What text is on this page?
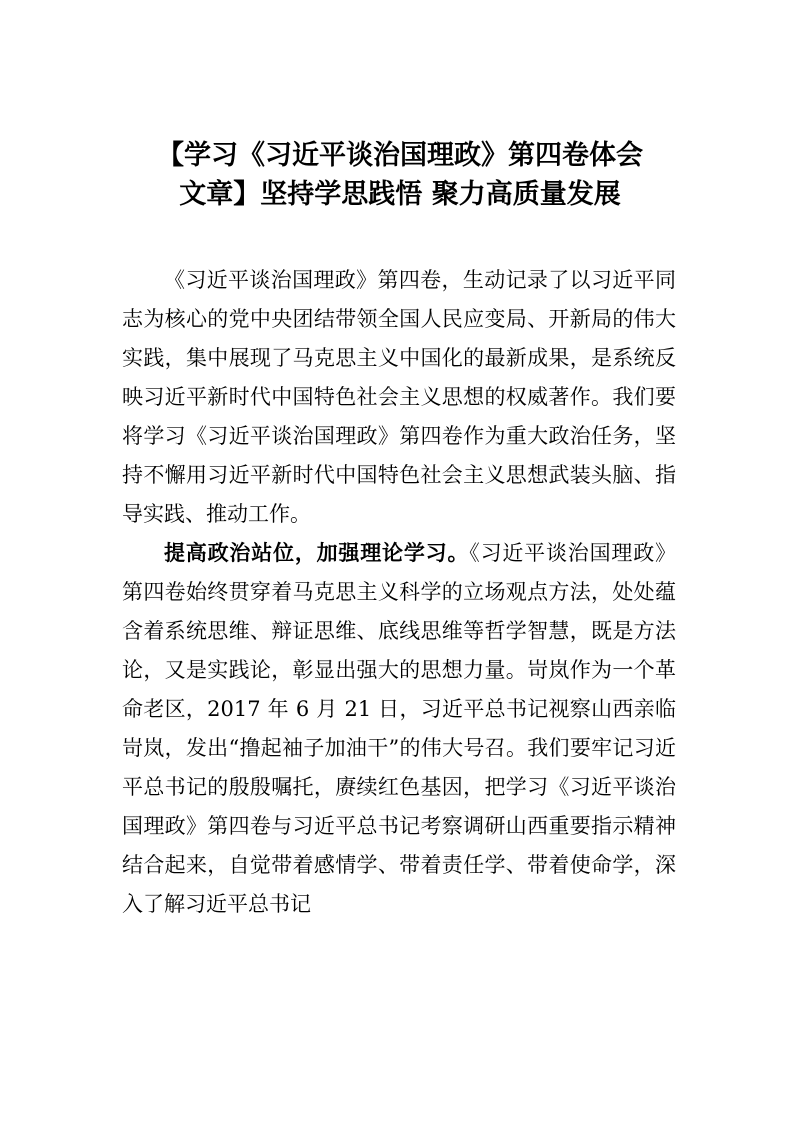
【学习《习近平谈治国理政》第四卷体会
文章】坚持学思践悟 聚力高质量发展

《习近平谈治国理政》第四卷，生动记录了以习近平同志为核心的党中央团结带领全国人民应变局、开新局的伟大实践，集中展现了马克思主义中国化的最新成果，是系统反映习近平新时代中国特色社会主义思想的权威著作。我们要将学习《习近平谈治国理政》第四卷作为重大政治任务，坚持不懈用习近平新时代中国特色社会主义思想武装头脑、指导实践、推动工作。

提高政治站位，加强理论学习。《习近平谈治国理政》第四卷始终贯穿着马克思主义科学的立场观点方法，处处蕴含着系统思维、辩证思维、底线思维等哲学智慧，既是方法论，又是实践论，彰显出强大的思想力量。岢岚作为一个革命老区，2017 年 6 月 21 日，习近平总书记视察山西亲临岢岚，发出“撸起袖子加油干”的伟大号召。我们要牢记习近平总书记的殷殷嘱托，赓续红色基因，把学习《习近平谈治国理政》第四卷与习近平总书记考察调研山西重要指示精神结合起来，自觉带着感情学、带着责任学、带着使命学，深入了解习近平总书记
